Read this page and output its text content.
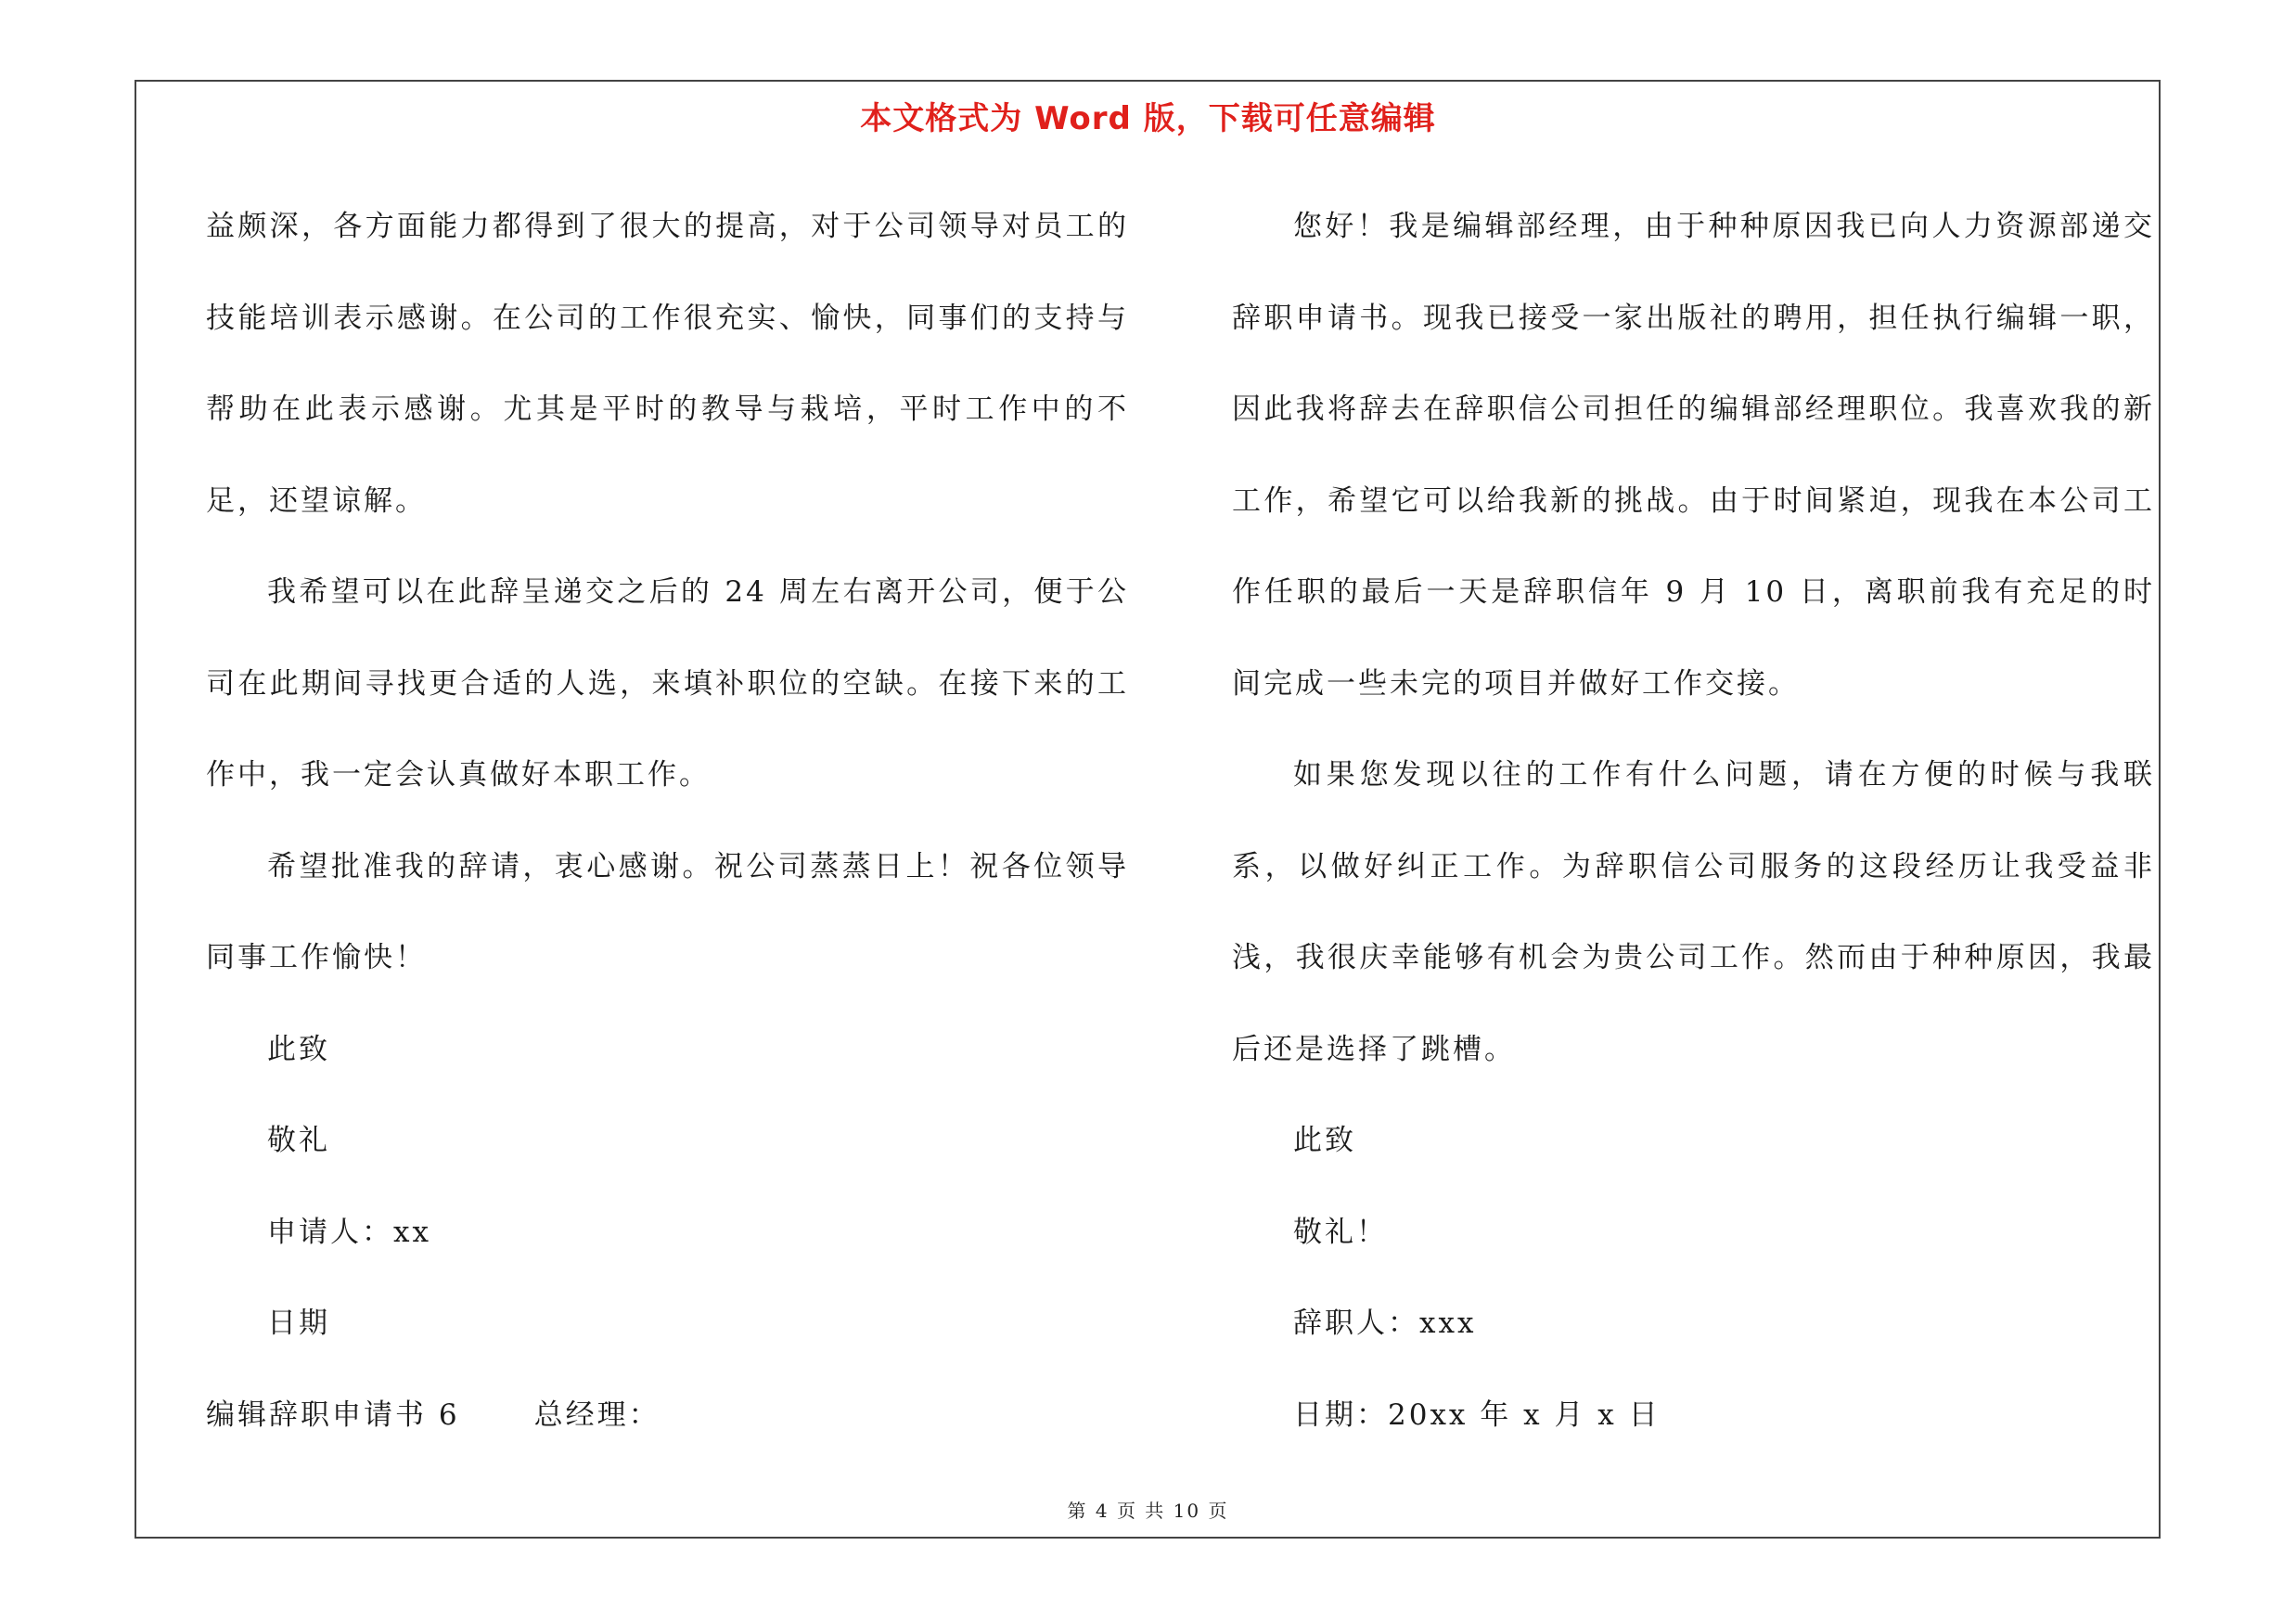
本文格式为 Word 版，下载可任意编辑

益颇深，各方面能力都得到了很大的提高，对于公司领导对员工的技能培训表示感谢。在公司的工作很充实、愉快，同事们的支持与帮助在此表示感谢。尤其是平时的教导与栽培，平时工作中的不足，还望谅解。

我希望可以在此辞呈递交之后的 24 周左右离开公司，便于公司在此期间寻找更合适的人选，来填补职位的空缺。在接下来的工作中，我一定会认真做好本职工作。

希望批准我的辞请，衷心感谢。祝公司蒸蒸日上！祝各位领导同事工作愉快！

此致

敬礼

申请人：xx

日期

编辑辞职申请书 6	总经理：

您好！我是编辑部经理，由于种种原因我已向人力资源部递交辞职申请书。现我已接受一家出版社的聘用，担任执行编辑一职，因此我将辞去在辞职信公司担任的编辑部经理职位。我喜欢我的新工作，希望它可以给我新的挑战。由于时间紧迫，现我在本公司工作任职的最后一天是辞职信年 9 月 10 日，离职前我有充足的时间完成一些未完的项目并做好工作交接。

如果您发现以往的工作有什么问题，请在方便的时候与我联系，以做好纠正工作。为辞职信公司服务的这段经历让我受益非浅，我很庆幸能够有机会为贵公司工作。然而由于种种原因，我最后还是选择了跳槽。

此致

敬礼！

辞职人：xxx

日期：20xx 年 x 月 x 日

第 4 页 共 10 页
